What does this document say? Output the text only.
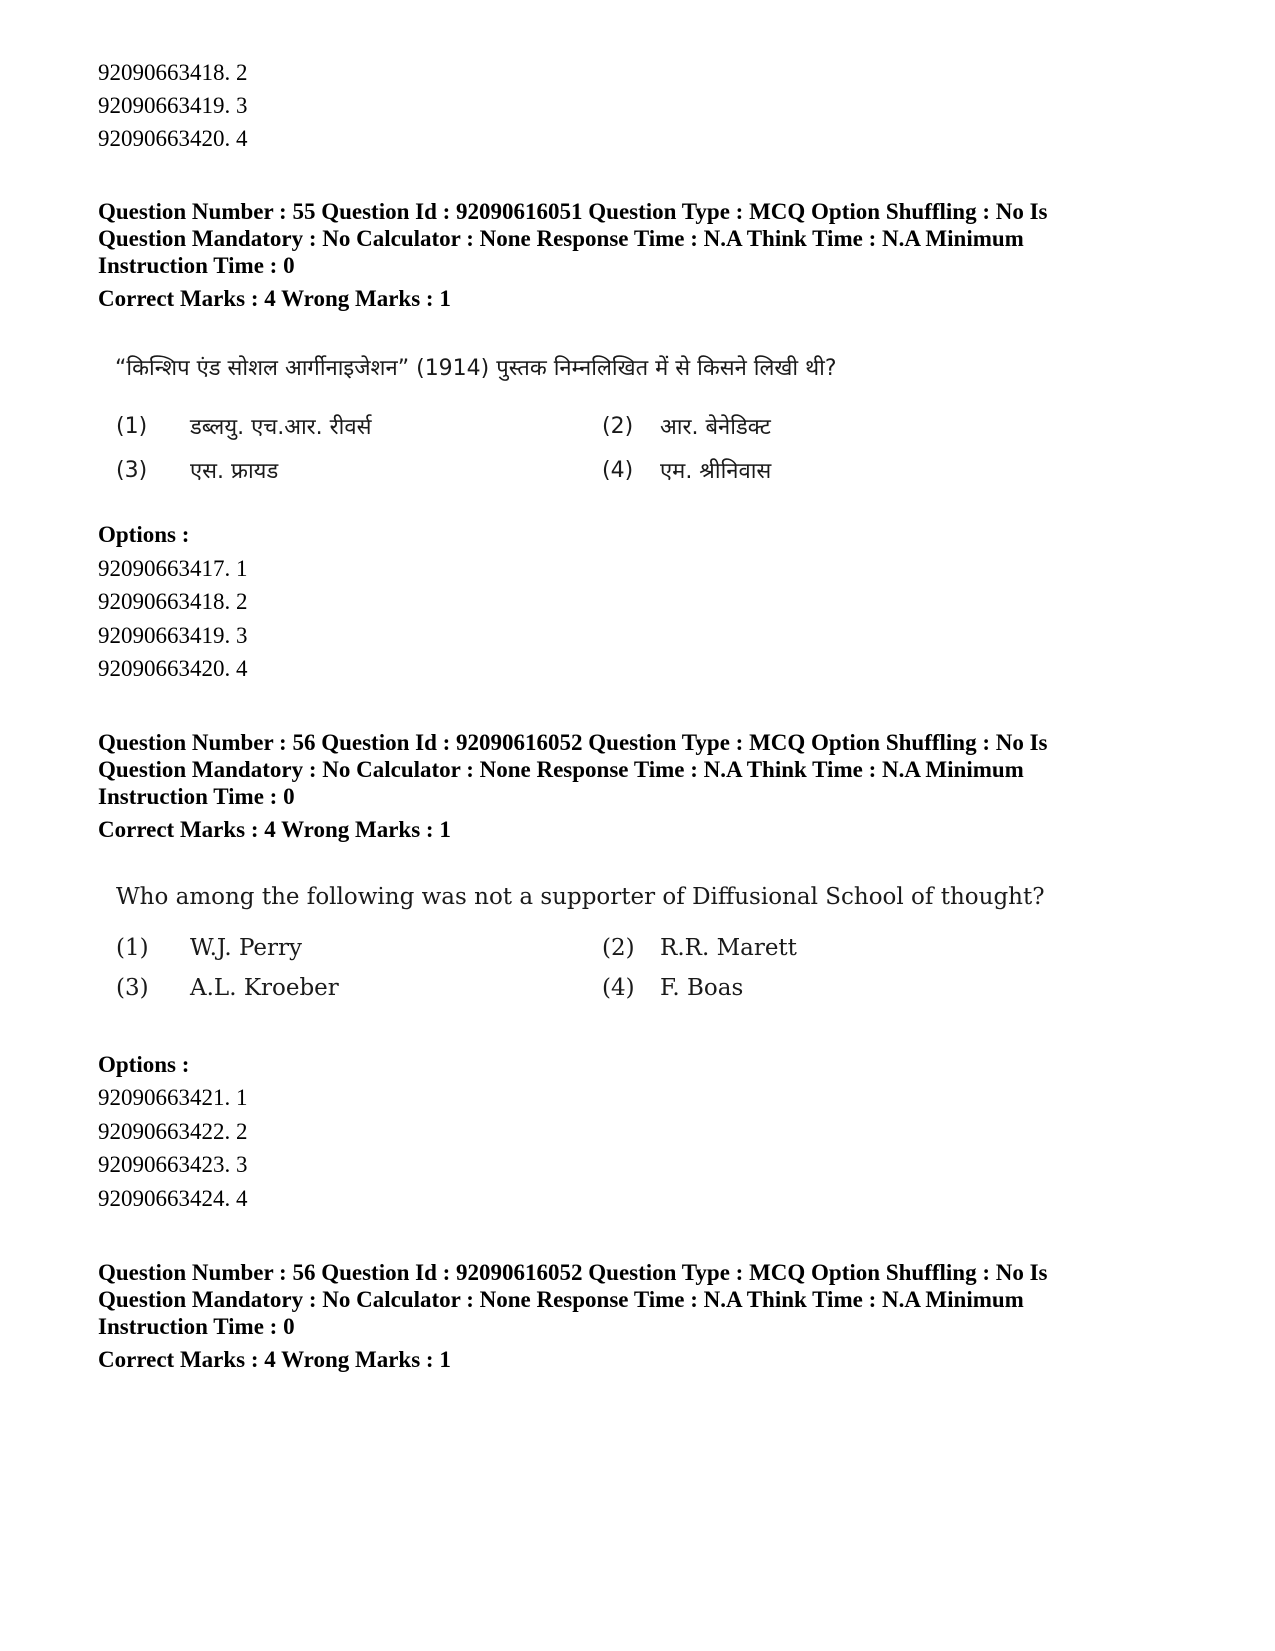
92090663418. 2
92090663419. 3
92090663420. 4
Question Number : 55 Question Id : 92090616051 Question Type : MCQ Option Shuffling : No Is
Question Mandatory : No Calculator : None Response Time : N.A Think Time : N.A Minimum
Instruction Time : 0
Correct Marks : 4 Wrong Marks : 1
“किन्शिप एंड सोशल आर्गीनाइजेशन” (1914) पुस्तक निम्नलिखित में से किसने लिखी थी?
(1) डब्लयु. एच.आर. रीवर्स	(2) आर. बेनेडिक्ट
(3) एस. फ्रायड	(4) एम. श्रीनिवास
Options :
92090663417. 1
92090663418. 2
92090663419. 3
92090663420. 4
Question Number : 56 Question Id : 92090616052 Question Type : MCQ Option Shuffling : No Is
Question Mandatory : No Calculator : None Response Time : N.A Think Time : N.A Minimum
Instruction Time : 0
Correct Marks : 4 Wrong Marks : 1
Who among the following was not a supporter of Diffusional School of thought?
(1) W.J. Perry	(2) R.R. Marett
(3) A.L. Kroeber	(4) F. Boas
Options :
92090663421. 1
92090663422. 2
92090663423. 3
92090663424. 4
Question Number : 56 Question Id : 92090616052 Question Type : MCQ Option Shuffling : No Is
Question Mandatory : No Calculator : None Response Time : N.A Think Time : N.A Minimum
Instruction Time : 0
Correct Marks : 4 Wrong Marks : 1
